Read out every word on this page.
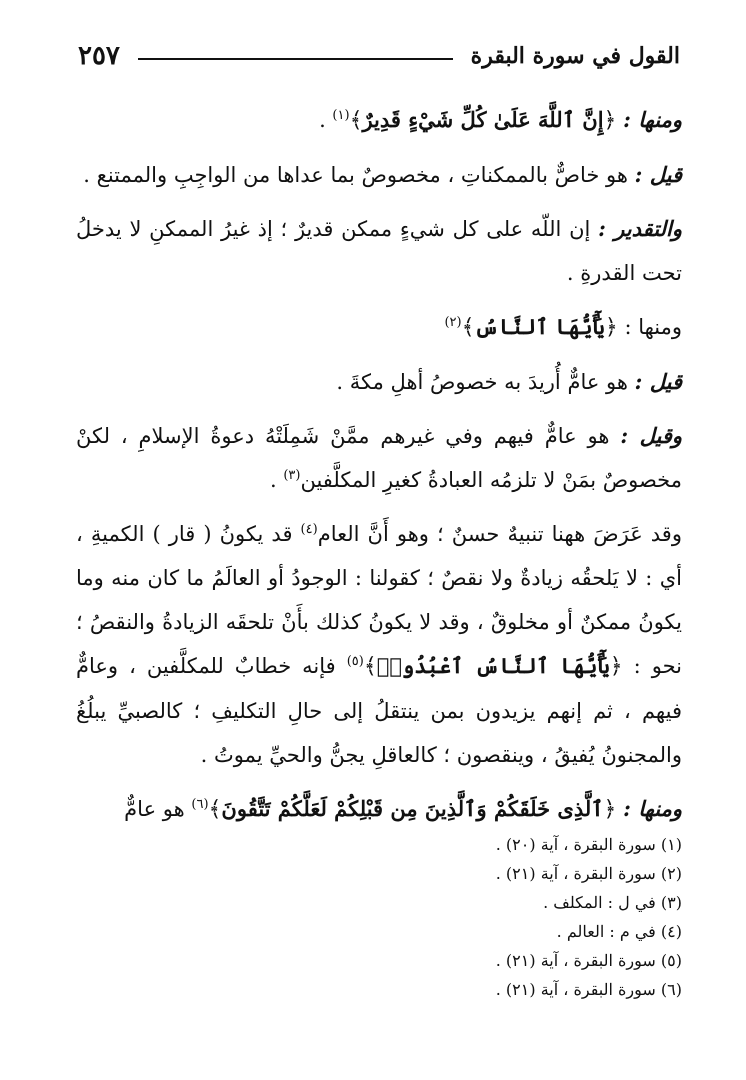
القول في سورة البقرة
٢٥٧

ومنها : ﴿إِنَّ ٱللَّهَ عَلَىٰ كُلِّ شَيْءٍ قَدِيرٌ﴾$^{(١)}$ .

قيل : هو خاصٌّ بالممكناتِ ، مخصوصٌ بما عداها من الواجِبِ والممتنع .

والتقدير : إن اللّه على كل شيءٍ ممكن قديرٌ ؛ إذ غيرُ الممكنِ لا يدخلُ تحت القدرةِ .

ومنها : ﴿يَٰٓأَيُّهَا ٱلنَّاسُ﴾$^{(٢)}$

قيل : هو عامٌّ أُريدَ به خصوصُ أهلِ مكةَ .

وقيل : هو عامٌّ فيهم وفي غيرهم ممَّنْ شَمِلَتْهُ دعوةُ الإسلامِ ، لكنْ مخصوصٌ بمَنْ لا تلزمُه العبادةُ كغيرِ المكلَّفين$^{(٣)}$ .

وقد عَرَضَ ههنا تنبيهٌ حسنٌ ؛ وهو أَنَّ العام$^{(٤)}$ قد يكونُ ( قار ) الكميةِ ، أي : لا يَلحقُه زيادةٌ ولا نقصٌ ؛ كقولنا : الوجودُ أو العالَمُ ما كان منه وما يكونُ ممكنٌ أو مخلوقٌ ، وقد لا يكونُ كذلك بأَنْ تلحقَه الزيادةُ والنقصُ ؛ نحو : ﴿يَٰٓأَيُّهَا ٱلنَّاسُ ٱعْبُدُوا۟﴾$^{(٥)}$ فإنه خطابٌ للمكلَّفين ، وعامٌّ فيهم ، ثم إنهم يزيدون بمن ينتقلُ إلى حالِ التكليفِ ؛ كالصبيِّ يبلُغُ والمجنونُ يُفيقُ ، وينقصون ؛ كالعاقلِ يجنُّ والحيِّ يموتُ .

ومنها : ﴿ٱلَّذِى خَلَقَكُمْ وَٱلَّذِينَ مِن قَبْلِكُمْ لَعَلَّكُمْ تَتَّقُونَ﴾$^{(٦)}$ هو عامٌّ

(١) سورة البقرة ، آية (٢٠) .

(٢) سورة البقرة ، آية (٢١) .

(٣) في ل : المكلف .

(٤) في م : العالم .

(٥) سورة البقرة ، آية (٢١) .

(٦) سورة البقرة ، آية (٢١) .
